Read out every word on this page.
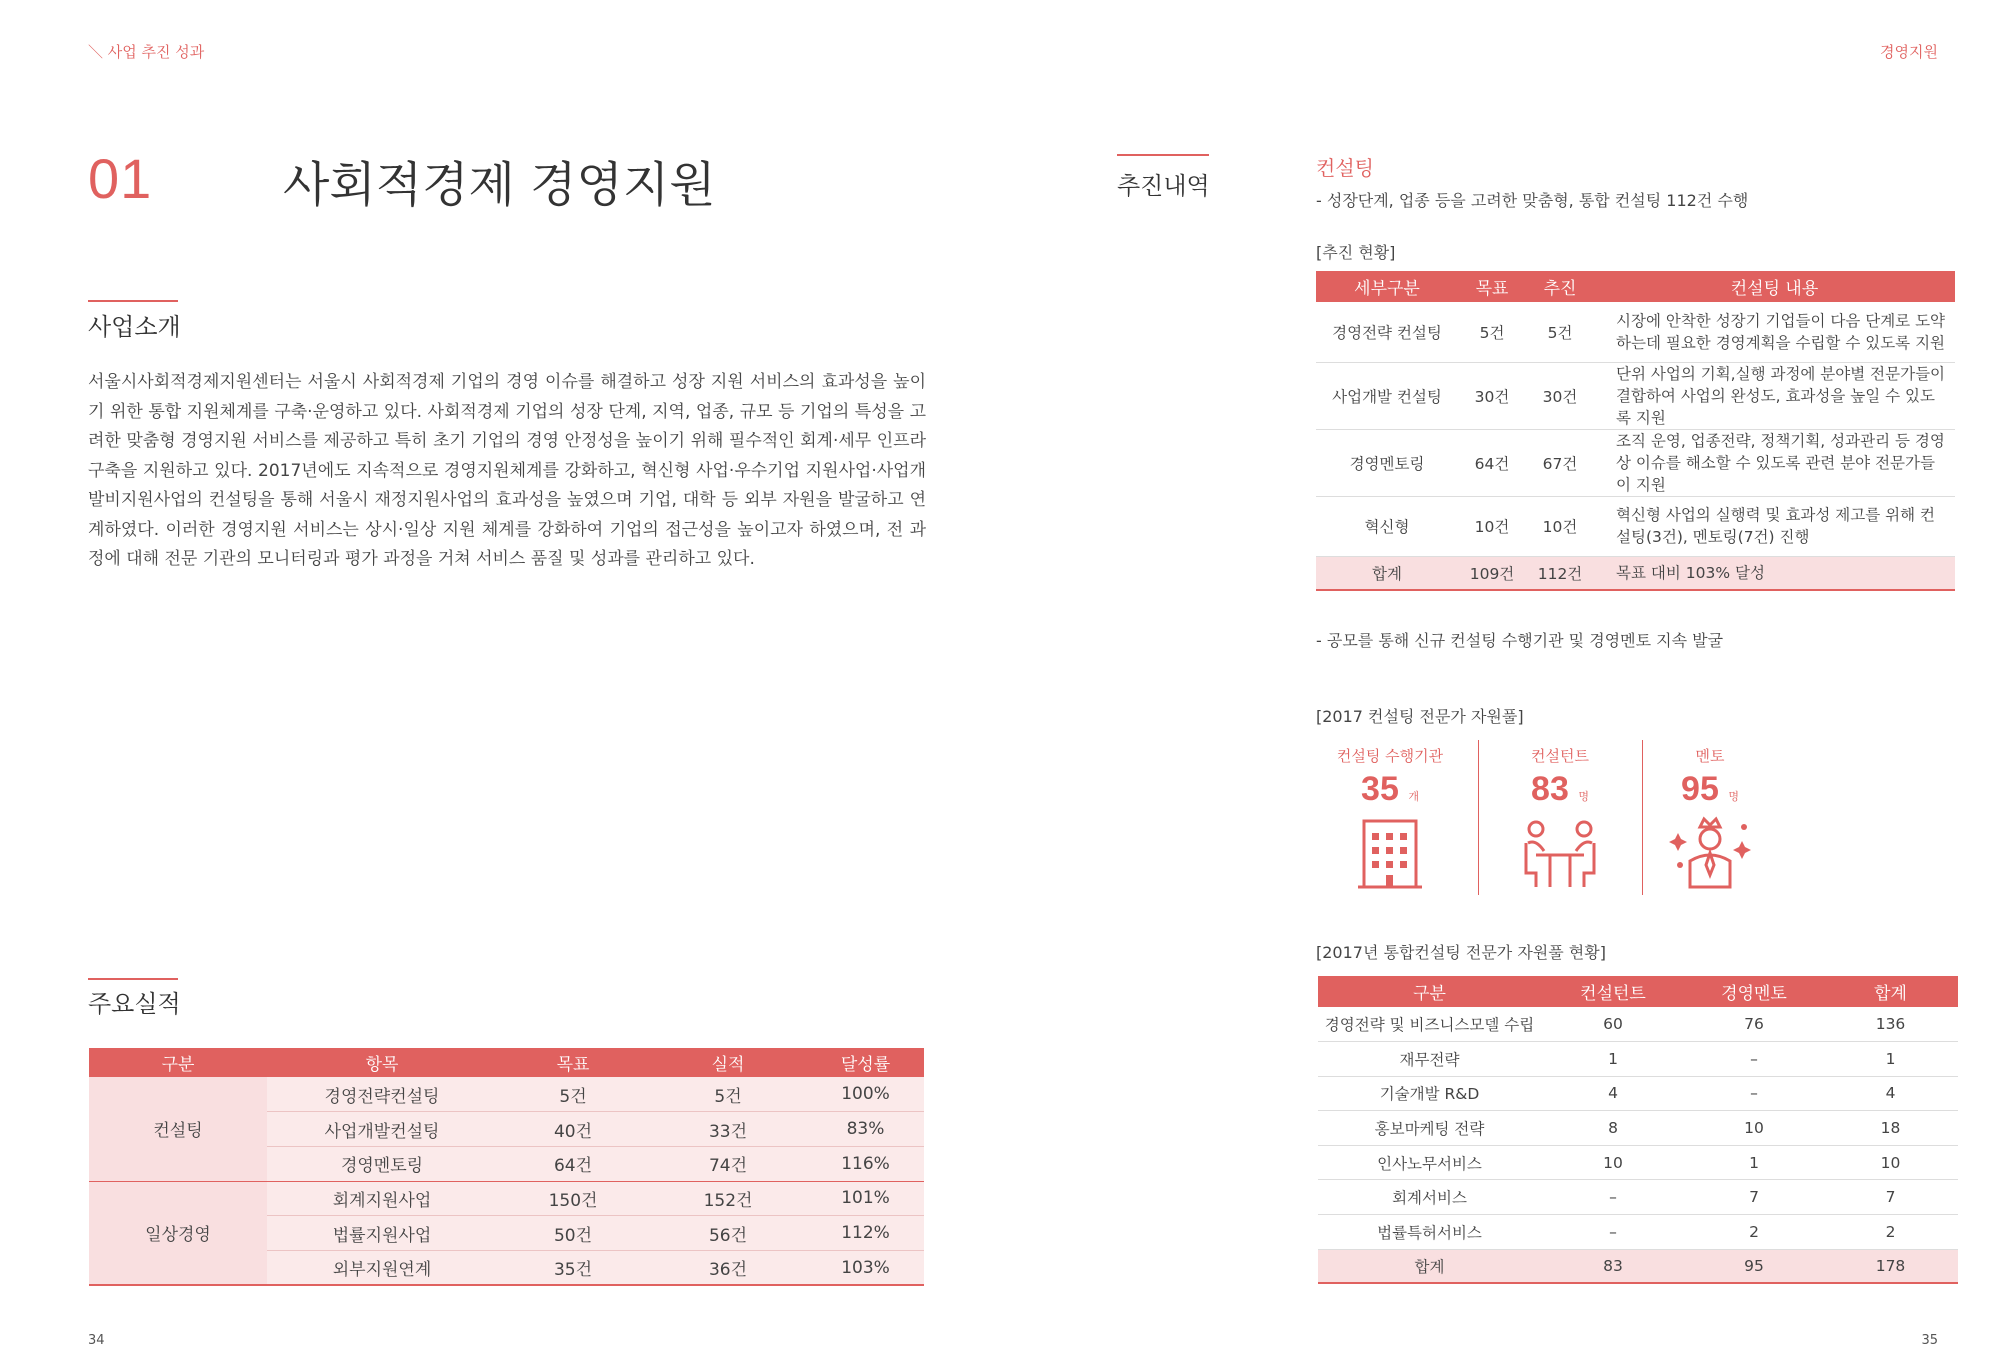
＼ 사업 추진 성과	경영지원
01	사회적경제 경영지원
사업소개
서울시사회적경제지원센터는 서울시 사회적경제 기업의 경영 이슈를 해결하고 성장 지원 서비스의 효과성을 높이기 위한 통합 지원체계를 구축·운영하고 있다. 사회적경제 기업의 성장 단계, 지역, 업종, 규모 등 기업의 특성을 고려한 맞춤형 경영지원 서비스를 제공하고 특히 초기 기업의 경영 안정성을 높이기 위해 필수적인 회계·세무 인프라 구축을 지원하고 있다. 2017년에도 지속적으로 경영지원체계를 강화하고, 혁신형 사업·우수기업 지원사업·사업개발비지원사업의 컨설팅을 통해 서울시 재정지원사업의 효과성을 높였으며 기업, 대학 등 외부 자원을 발굴하고 연계하였다. 이러한 경영지원 서비스는 상시·일상 지원 체계를 강화하여 기업의 접근성을 높이고자 하였으며, 전 과정에 대해 전문 기관의 모니터링과 평가 과정을 거쳐 서비스 품질 및 성과를 관리하고 있다.
주요실적
구분	항목	목표	실적	달성률
컨설팅	경영전략컨설팅	5건	5건	100%
	사업개발컨설팅	40건	33건	83%
	경영멘토링	64건	74건	116%
일상경영	회계지원사업	150건	152건	101%
	법률지원사업	50건	56건	112%
	외부지원연계	35건	36건	103%
추진내역
컨설팅
- 성장단계, 업종 등을 고려한 맞춤형, 통합 컨설팅 112건 수행
[추진 현황]
세부구분	목표	추진	컨설팅 내용
경영전략 컨설팅	5건	5건	시장에 안착한 성장기 기업들이 다음 단계로 도약하는데 필요한 경영계획을 수립할 수 있도록 지원
사업개발 컨설팅	30건	30건	단위 사업의 기획,실행 과정에 분야별 전문가들이 결합하여 사업의 완성도, 효과성을 높일 수 있도록 지원
경영멘토링	64건	67건	조직 운영, 업종전략, 정책기획, 성과관리 등 경영상 이슈를 해소할 수 있도록 관련 분야 전문가들이 지원
혁신형	10건	10건	혁신형 사업의 실행력 및 효과성 제고를 위해 컨설팅(3건), 멘토링(7건) 진행
합계	109건	112건	목표 대비 103% 달성
- 공모를 통해 신규 컨설팅 수행기관 및 경영멘토 지속 발굴
[2017 컨설팅 전문가 자원풀]
컨설팅 수행기관
35 개
컨설턴트
83 명
멘토
95 명
[2017년 통합컨설팅 전문가 자원풀 현황]
구분	컨설턴트	경영멘토	합계
경영전략 및 비즈니스모델 수립	60	76	136
재무전략	1	–	1
기술개발 R&D	4	–	4
홍보마케팅 전략	8	10	18
인사노무서비스	10	1	10
회계서비스	–	7	7
법률특허서비스	–	2	2
합계	83	95	178
34	35
